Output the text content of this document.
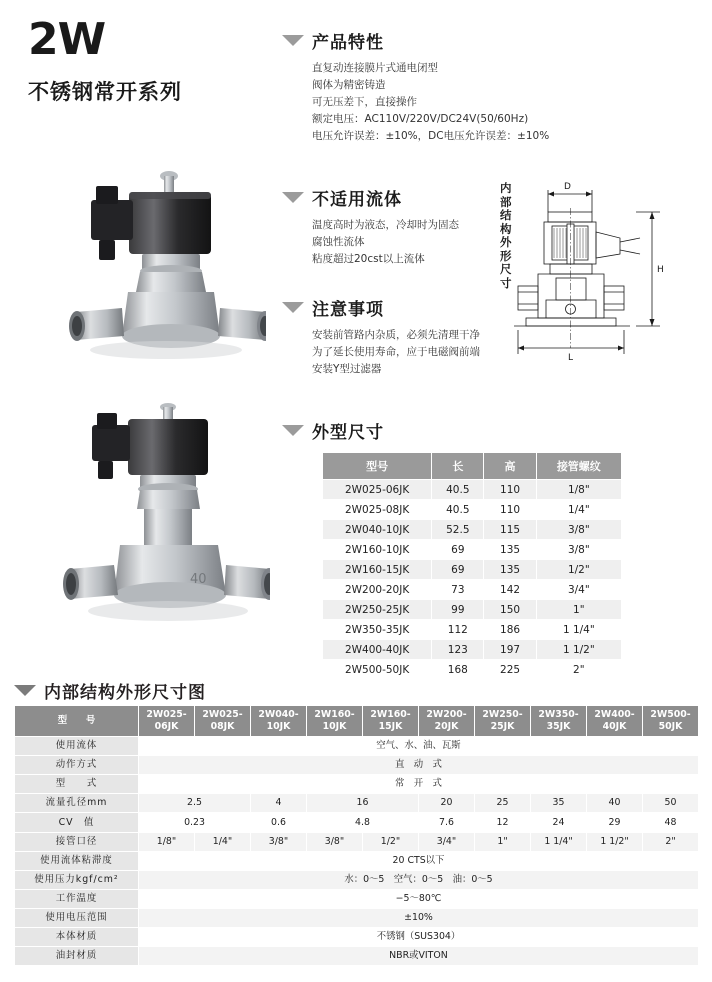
2W
不锈钢常开系列
40
产品特性
直复动连接膜片式通电闭型
阀体为精密铸造
可无压差下，直接操作
额定电压：AC110V/220V/DC24V(50/60Hz)
电压允许误差：±10%，DC电压允许误差：±10%
不适用流体
温度高时为液态，冷却时为固态
腐蚀性流体
粘度超过20cst以上流体
注意事项
安装前管路内杂质，必须先清理干净
为了延长使用寿命，应于电磁阀前端
安装Y型过滤器
外型尺寸
内部结构外形尺寸
D
H
L
型号	长	高	接管螺纹
2W025-06JK	40.5	110	1/8"
2W025-08JK	40.5	110	1/4"
2W040-10JK	52.5	115	3/8"
2W160-10JK	69	135	3/8"
2W160-15JK	69	135	1/2"
2W200-20JK	73	142	3/4"
2W250-25JK	99	150	1"
2W350-35JK	112	186	1 1/4"
2W400-40JK	123	197	1 1/2"
2W500-50JK	168	225	2"
内部结构外形尺寸图
型　　号	2W025-06JK	2W025-08JK	2W040-10JK	2W160-10JK	2W160-15JK	2W200-20JK	2W250-25JK	2W350-35JK	2W400-40JK	2W500-50JK
使用流体	空气、水、油、瓦斯									
动作方式	直　动　式									
型　　式	常　开　式									
流量孔径mm	2.5		4	16		20	25	35	40	50
CV　值	0.23		0.6	4.8		7.6	12	24	29	48
接管口径	1/8"	1/4"	3/8"	3/8"	1/2"	3/4"	1"	1 1/4"	1 1/2"	2"
使用流体粘滞度	20 CTS以下									
使用压力kgf/cm²	水：0～5　空气：0～5　油：0～5									
工作温度	−5～80℃									
使用电压范围	±10%									
本体材质	不锈钢（SUS304）									
油封材质	NBR或VITON									
